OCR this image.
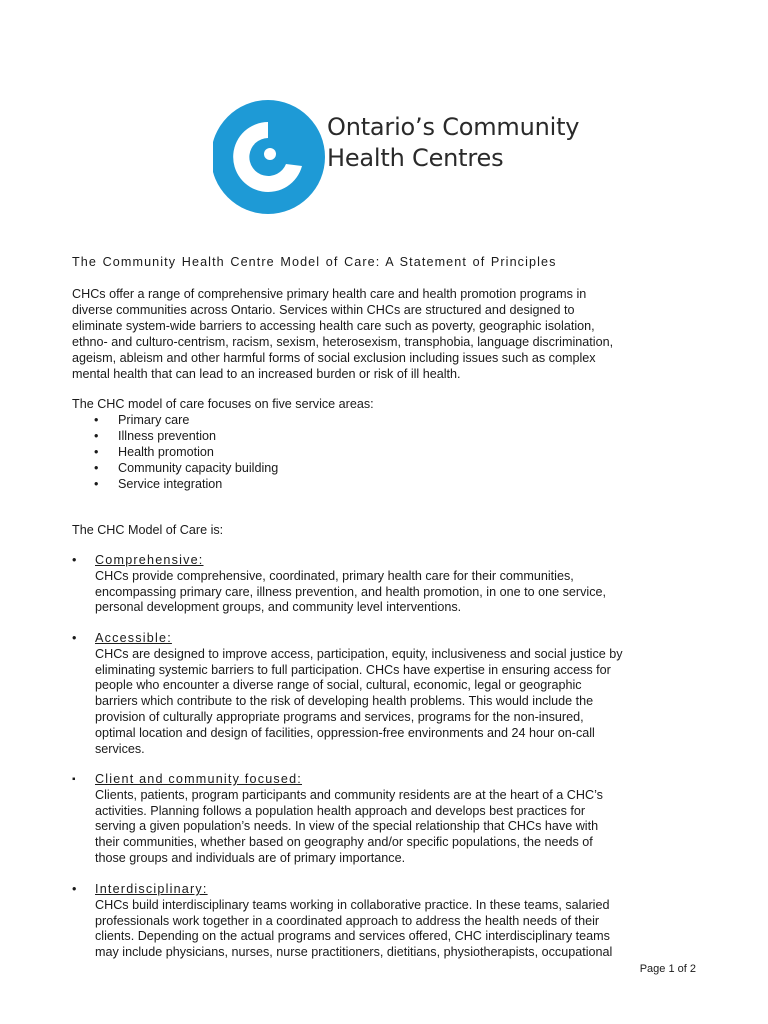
Ontario’s Community
Health Centres
The Community Health Centre Model of Care: A Statement of Principles
CHCs offer a range of comprehensive primary health care and health promotion programs in
diverse communities across Ontario. Services within CHCs are structured and designed to
eliminate system-wide barriers to accessing health care such as poverty, geographic isolation,
ethno- and culturo-centrism, racism, sexism, heterosexism, transphobia, language discrimination,
ageism, ableism and other harmful forms of social exclusion including issues such as complex
mental health that can lead to an increased burden or risk of ill health.
The CHC model of care focuses on five service areas:
• Primary care
• Illness prevention
• Health promotion
• Community capacity building
• Service integration
The CHC Model of Care is:
•	Comprehensive:
CHCs provide comprehensive, coordinated, primary health care for their communities,
encompassing primary care, illness prevention, and health promotion, in one to one service,
personal development groups, and community level interventions.
•	Accessible:
CHCs are designed to improve access, participation, equity, inclusiveness and social justice by
eliminating systemic barriers to full participation. CHCs have expertise in ensuring access for
people who encounter a diverse range of social, cultural, economic, legal or geographic
barriers which contribute to the risk of developing health problems. This would include the
provision of culturally appropriate programs and services, programs for the non-insured,
optimal location and design of facilities, oppression-free environments and 24 hour on-call
services.
▪	Client and community focused:
Clients, patients, program participants and community residents are at the heart of a CHC’s
activities. Planning follows a population health approach and develops best practices for
serving a given population’s needs. In view of the special relationship that CHCs have with
their communities, whether based on geography and/or specific populations, the needs of
those groups and individuals are of primary importance.
•	Interdisciplinary:
CHCs build interdisciplinary teams working in collaborative practice. In these teams, salaried
professionals work together in a coordinated approach to address the health needs of their
clients. Depending on the actual programs and services offered, CHC interdisciplinary teams
may include physicians, nurses, nurse practitioners, dietitians, physiotherapists, occupational
Page 1 of 2
